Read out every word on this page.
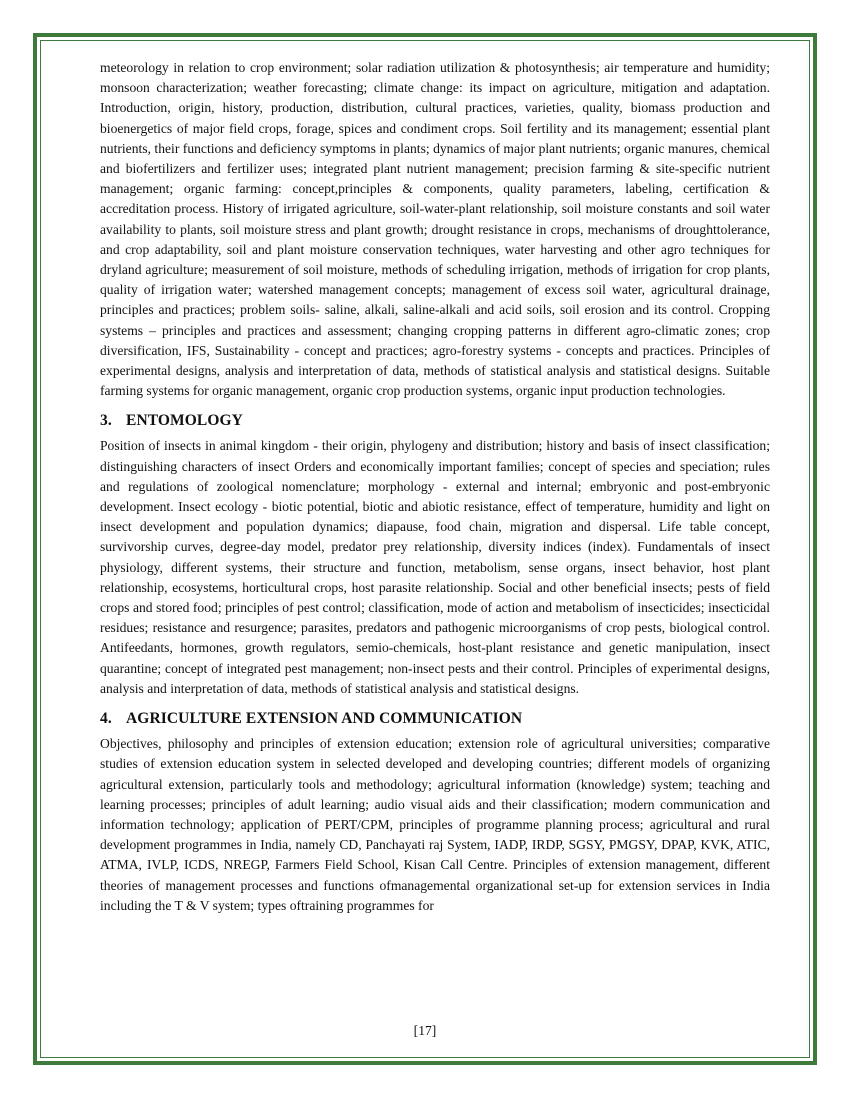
meteorology in relation to crop environment; solar radiation utilization & photosynthesis; air temperature and humidity; monsoon characterization; weather forecasting; climate change: its impact on agriculture, mitigation and adaptation. Introduction, origin, history, production, distribution, cultural practices, varieties, quality, biomass production and bioenergetics of major field crops, forage, spices and condiment crops. Soil fertility and its management; essential plant nutrients, their functions and deficiency symptoms in plants; dynamics of major plant nutrients; organic manures, chemical and biofertilizers and fertilizer uses; integrated plant nutrient management; precision farming & site-specific nutrient management; organic farming: concept,principles & components, quality parameters, labeling, certification & accreditation process. History of irrigated agriculture, soil-water-plant relationship, soil moisture constants and soil water availability to plants, soil moisture stress and plant growth; drought resistance in crops, mechanisms of droughttolerance, and crop adaptability, soil and plant moisture conservation techniques, water harvesting and other agro techniques for dryland agriculture; measurement of soil moisture, methods of scheduling irrigation, methods of irrigation for crop plants, quality of irrigation water; watershed management concepts; management of excess soil water, agricultural drainage, principles and practices; problem soils- saline, alkali, saline-alkali and acid soils, soil erosion and its control. Cropping systems – principles and practices and assessment; changing cropping patterns in different agro-climatic zones; crop diversification, IFS, Sustainability - concept and practices; agro-forestry systems - concepts and practices. Principles of experimental designs, analysis and interpretation of data, methods of statistical analysis and statistical designs. Suitable farming systems for organic management, organic crop production systems, organic input production technologies.

3. ENTOMOLOGY

Position of insects in animal kingdom - their origin, phylogeny and distribution; history and basis of insect classification; distinguishing characters of insect Orders and economically important families; concept of species and speciation; rules and regulations of zoological nomenclature; morphology - external and internal; embryonic and post-embryonic development. Insect ecology - biotic potential, biotic and abiotic resistance, effect of temperature, humidity and light on insect development and population dynamics; diapause, food chain, migration and dispersal. Life table concept, survivorship curves, degree-day model, predator prey relationship, diversity indices (index). Fundamentals of insect physiology, different systems, their structure and function, metabolism, sense organs, insect behavior, host plant relationship, ecosystems, horticultural crops, host parasite relationship. Social and other beneficial insects; pests of field crops and stored food; principles of pest control; classification, mode of action and metabolism of insecticides; insecticidal residues; resistance and resurgence; parasites, predators and pathogenic microorganisms of crop pests, biological control. Antifeedants, hormones, growth regulators, semio-chemicals, host-plant resistance and genetic manipulation, insect quarantine; concept of integrated pest management; non-insect pests and their control. Principles of experimental designs, analysis and interpretation of data, methods of statistical analysis and statistical designs.

4. AGRICULTURE EXTENSION AND COMMUNICATION

Objectives, philosophy and principles of extension education; extension role of agricultural universities; comparative studies of extension education system in selected developed and developing countries; different models of organizing agricultural extension, particularly tools and methodology; agricultural information (knowledge) system; teaching and learning processes; principles of adult learning; audio visual aids and their classification; modern communication and information technology; application of PERT/CPM, principles of programme planning process; agricultural and rural development programmes in India, namely CD, Panchayati raj System, IADP, IRDP, SGSY, PMGSY, DPAP, KVK, ATIC, ATMA, IVLP, ICDS, NREGP, Farmers Field School, Kisan Call Centre. Principles of extension management, different theories of management processes and functions ofmanagemental organizational set-up for extension services in India including the T & V system; types oftraining programmes for

[17]
